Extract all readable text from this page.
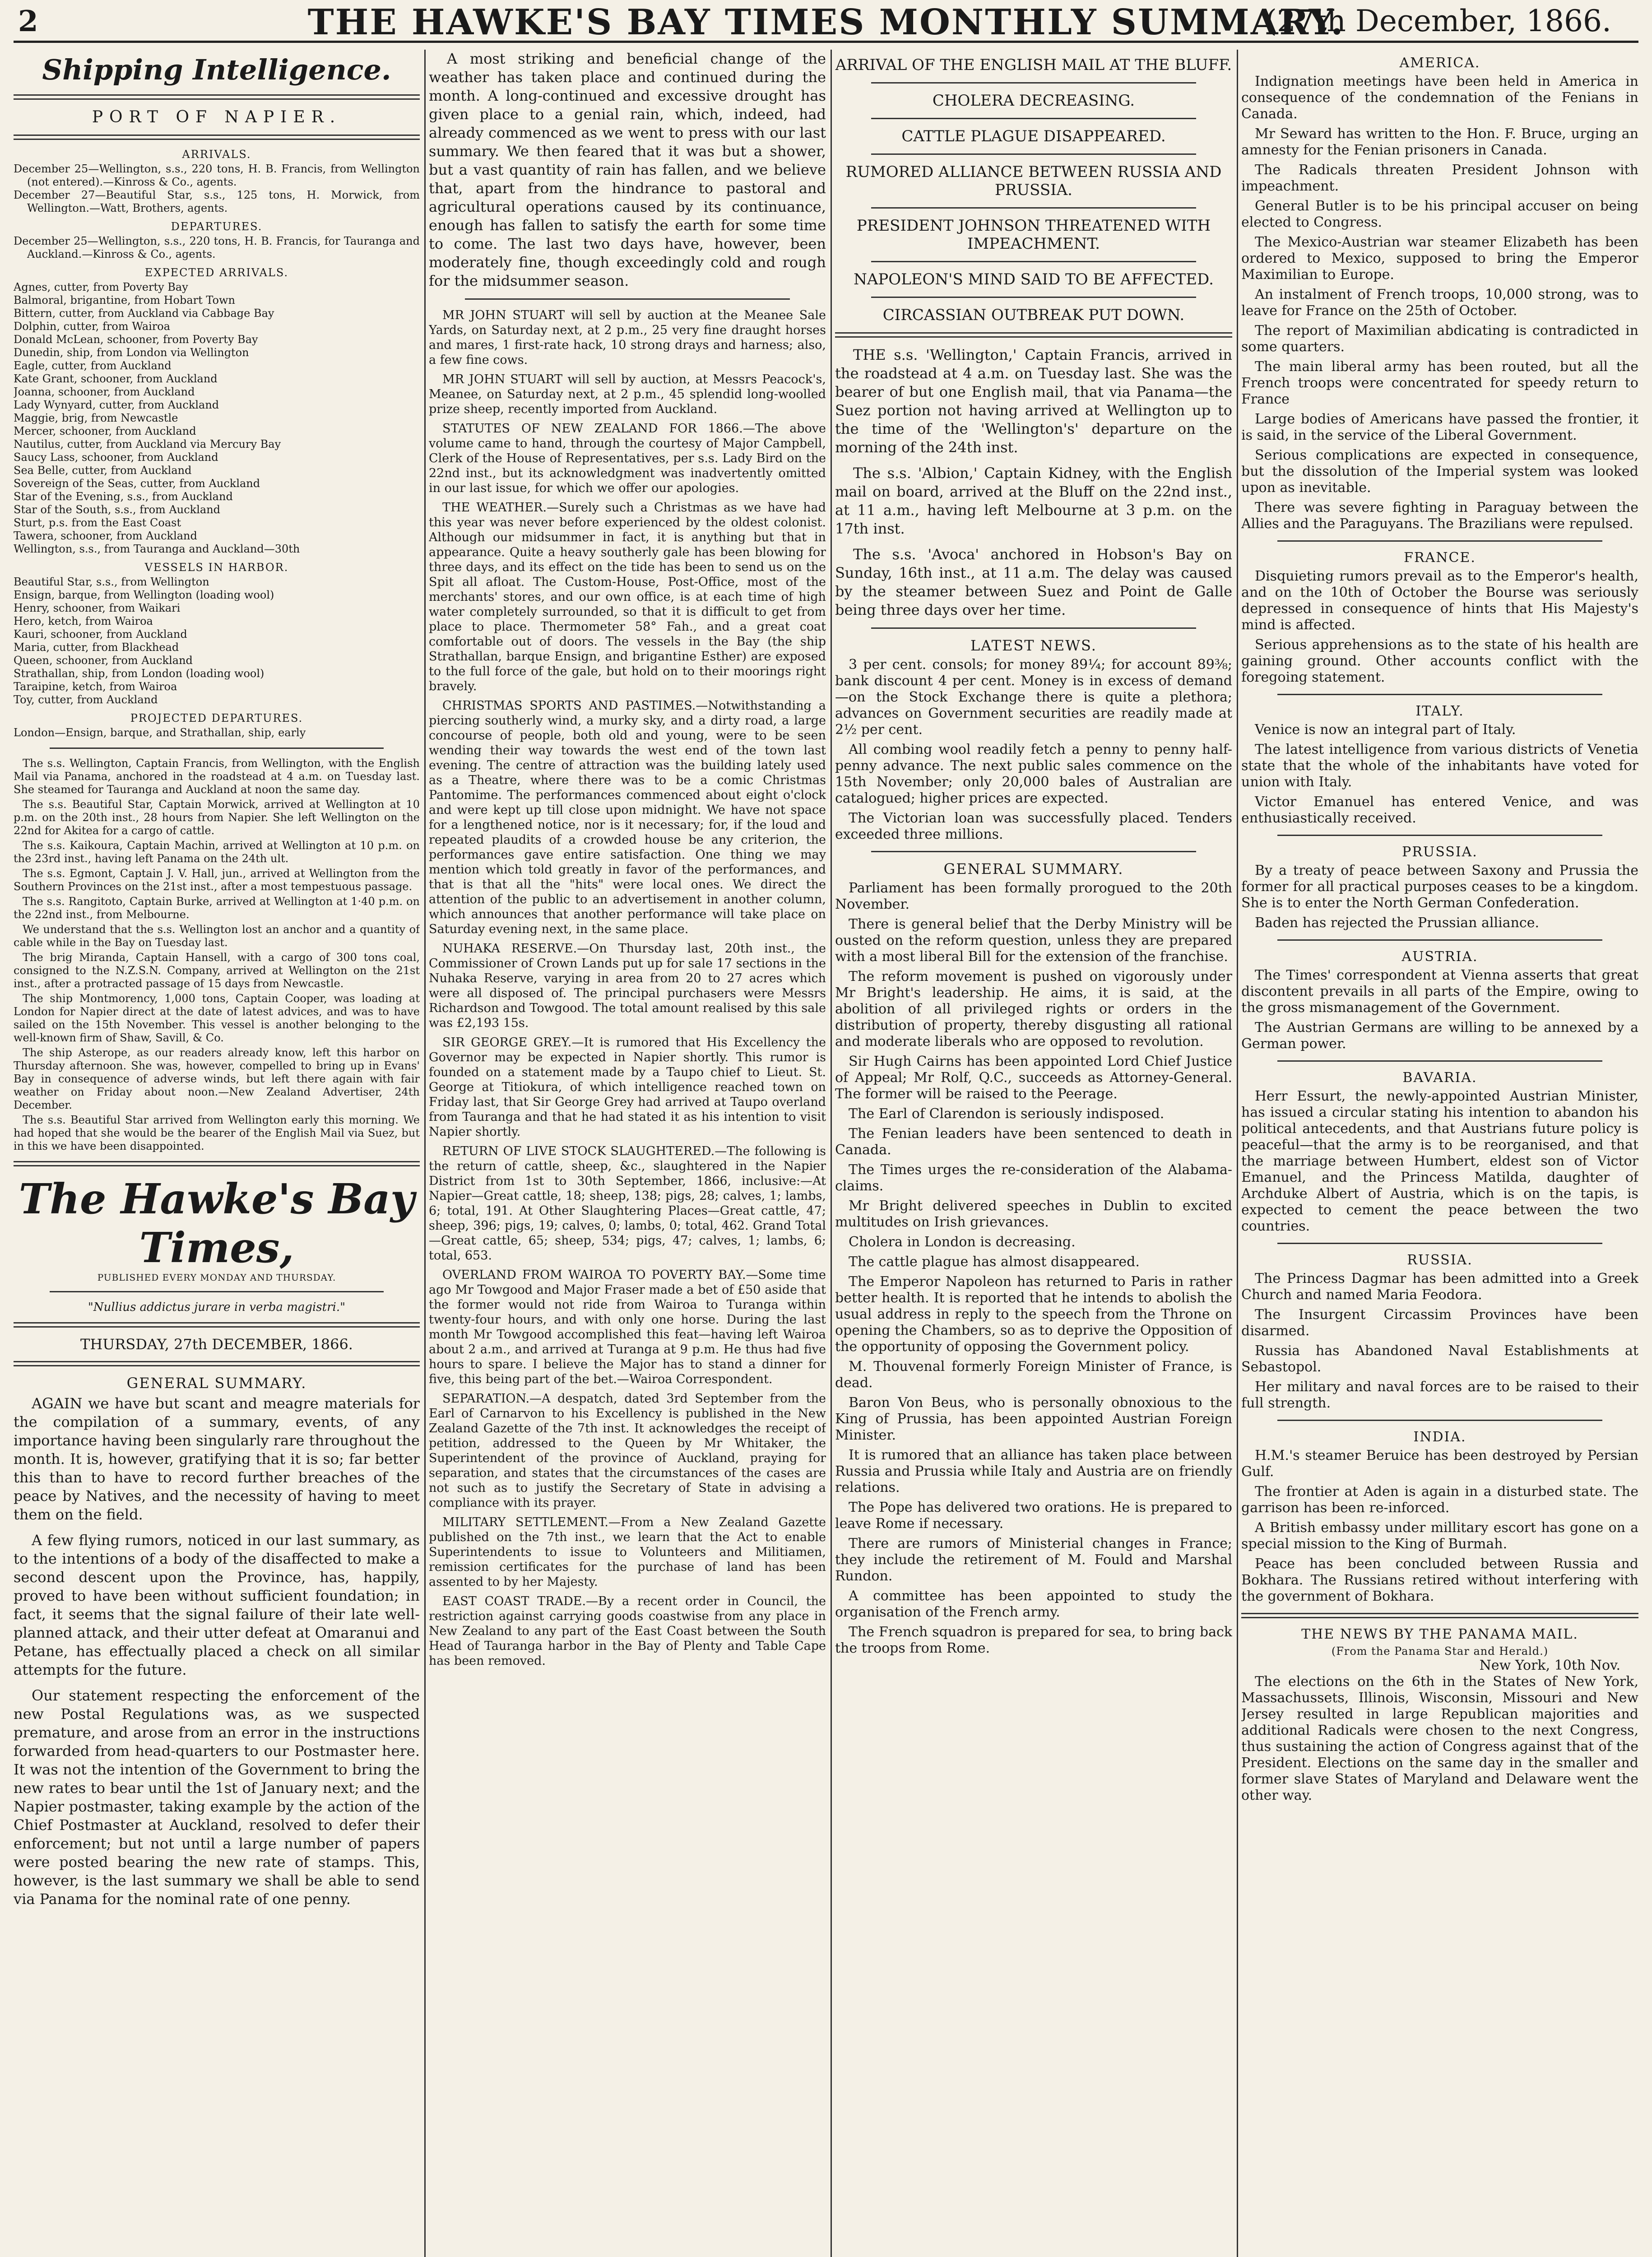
2	THE HAWKE'S BAY TIMES MONTHLY SUMMARY.
(27th December, 1866.
Shipping Intelligence.
PORT OF NAPIER.
ARRIVALS.

December 25—Wellington, s.s., 220 tons, H. B. Francis, from Wellington (not entered).—Kinross & Co., agents.

December 27—Beautiful Star, s.s., 125 tons, H. Morwick, from Wellington.—Watt, Brothers, agents.

DEPARTURES.

December 25—Wellington, s.s., 220 tons, H. B. Francis, for Tauranga and Auckland.—Kinross & Co., agents.

EXPECTED ARRIVALS.

Agnes, cutter, from Poverty Bay

Balmoral, brigantine, from Hobart Town

Bittern, cutter, from Auckland via Cabbage Bay

Dolphin, cutter, from Wairoa

Donald McLean, schooner, from Poverty Bay

Dunedin, ship, from London via Wellington

Eagle, cutter, from Auckland

Kate Grant, schooner, from Auckland

Joanna, schooner, from Auckland

Lady Wynyard, cutter, from Auckland

Maggie, brig, from Newcastle

Mercer, schooner, from Auckland

Nautilus, cutter, from Auckland via Mercury Bay

Saucy Lass, schooner, from Auckland

Sea Belle, cutter, from Auckland

Sovereign of the Seas, cutter, from Auckland

Star of the Evening, s.s., from Auckland

Star of the South, s.s., from Auckland

Sturt, p.s. from the East Coast

Tawera, schooner, from Auckland

Wellington, s.s., from Tauranga and Auckland—30th

VESSELS IN HARBOR.

Beautiful Star, s.s., from Wellington

Ensign, barque, from Wellington (loading wool)

Henry, schooner, from Waikari

Hero, ketch, from Wairoa

Kauri, schooner, from Auckland

Maria, cutter, from Blackhead

Queen, schooner, from Auckland

Strathallan, ship, from London (loading wool)

Taraipine, ketch, from Wairoa

Toy, cutter, from Auckland

PROJECTED DEPARTURES.

London—Ensign, barque, and Strathallan, ship, early

The s.s. Wellington, Captain Francis, from Wellington, with the English Mail via Panama, anchored in the roadstead at 4 a.m. on Tuesday last. She steamed for Tauranga and Auckland at noon the same day.

The s.s. Beautiful Star, Captain Morwick, arrived at Wellington at 10 p.m. on the 20th inst., 28 hours from Napier. She left Wellington on the 22nd for Akitea for a cargo of cattle.

The s.s. Kaikoura, Captain Machin, arrived at Wellington at 10 p.m. on the 23rd inst., having left Panama on the 24th ult.

The s.s. Egmont, Captain J. V. Hall, jun., arrived at Wellington from the Southern Provinces on the 21st inst., after a most tempestuous passage.

The s.s. Rangitoto, Captain Burke, arrived at Wellington at 1·40 p.m. on the 22nd inst., from Melbourne.

We understand that the s.s. Wellington lost an anchor and a quantity of cable while in the Bay on Tuesday last.

The brig Miranda, Captain Hansell, with a cargo of 300 tons coal, consigned to the N.Z.S.N. Company, arrived at Wellington on the 21st inst., after a protracted passage of 15 days from Newcastle.

The ship Montmorency, 1,000 tons, Captain Cooper, was loading at London for Napier direct at the date of latest advices, and was to have sailed on the 15th November. This vessel is another belonging to the well-known firm of Shaw, Savill, & Co.

The ship Asterope, as our readers already know, left this harbor on Thursday afternoon. She was, however, compelled to bring up in Evans' Bay in consequence of adverse winds, but left there again with fair weather on Friday about noon.—New Zealand Advertiser, 24th December.

The s.s. Beautiful Star arrived from Wellington early this morning. We had hoped that she would be the bearer of the English Mail via Suez, but in this we have been disappointed.

The Hawke's Bay Times,
PUBLISHED EVERY MONDAY AND THURSDAY.
"Nullius addictus jurare in verba magistri."
THURSDAY, 27th DECEMBER, 1866.
GENERAL SUMMARY.

AGAIN we have but scant and meagre materials for the compilation of a summary, events, of any importance having been singularly rare throughout the month. It is, however, gratifying that it is so; far better this than to have to record further breaches of the peace by Natives, and the necessity of having to meet them on the field.

A few flying rumors, noticed in our last summary, as to the intentions of a body of the disaffected to make a second descent upon the Province, has, happily, proved to have been without sufficient foundation; in fact, it seems that the signal failure of their late well-planned attack, and their utter defeat at Omaranui and Petane, has effectually placed a check on all similar attempts for the future.

Our statement respecting the enforcement of the new Postal Regulations was, as we suspected premature, and arose from an error in the instructions forwarded from head-quarters to our Postmaster here. It was not the intention of the Government to bring the new rates to bear until the 1st of January next; and the Napier postmaster, taking example by the action of the Chief Postmaster at Auckland, resolved to defer their enforcement; but not until a large number of papers were posted bearing the new rate of stamps. This, however, is the last summary we shall be able to send via Panama for the nominal rate of one penny.

A most striking and beneficial change of the weather has taken place and continued during the month. A long-continued and excessive drought has given place to a genial rain, which, indeed, had already commenced as we went to press with our last summary. We then feared that it was but a shower, but a vast quantity of rain has fallen, and we believe that, apart from the hindrance to pastoral and agricultural operations caused by its continuance, enough has fallen to satisfy the earth for some time to come. The last two days have, however, been moderately fine, though exceedingly cold and rough for the midsummer season.

MR JOHN STUART will sell by auction at the Meanee Sale Yards, on Saturday next, at 2 p.m., 25 very fine draught horses and mares, 1 first-rate hack, 10 strong drays and harness; also, a few fine cows.

MR JOHN STUART will sell by auction, at Messrs Peacock's, Meanee, on Saturday next, at 2 p.m., 45 splendid long-woolled prize sheep, recently imported from Auckland.

STATUTES OF NEW ZEALAND FOR 1866.—The above volume came to hand, through the courtesy of Major Campbell, Clerk of the House of Representatives, per s.s. Lady Bird on the 22nd inst., but its acknowledgment was inadvertently omitted in our last issue, for which we offer our apologies.

THE WEATHER.—Surely such a Christmas as we have had this year was never before experienced by the oldest colonist. Although our midsummer in fact, it is anything but that in appearance. Quite a heavy southerly gale has been blowing for three days, and its effect on the tide has been to send us on the Spit all afloat. The Custom-House, Post-Office, most of the merchants' stores, and our own office, is at each time of high water completely surrounded, so that it is difficult to get from place to place. Thermometer 58° Fah., and a great coat comfortable out of doors. The vessels in the Bay (the ship Strathallan, barque Ensign, and brigantine Esther) are exposed to the full force of the gale, but hold on to their moorings right bravely.

CHRISTMAS SPORTS AND PASTIMES.—Notwithstanding a piercing southerly wind, a murky sky, and a dirty road, a large concourse of people, both old and young, were to be seen wending their way towards the west end of the town last evening. The centre of attraction was the building lately used as a Theatre, where there was to be a comic Christmas Pantomime. The performances commenced about eight o'clock and were kept up till close upon midnight. We have not space for a lengthened notice, nor is it necessary; for, if the loud and repeated plaudits of a crowded house be any criterion, the performances gave entire satisfaction. One thing we may mention which told greatly in favor of the performances, and that is that all the "hits" were local ones. We direct the attention of the public to an advertisement in another column, which announces that another performance will take place on Saturday evening next, in the same place.

NUHAKA RESERVE.—On Thursday last, 20th inst., the Commissioner of Crown Lands put up for sale 17 sections in the Nuhaka Reserve, varying in area from 20 to 27 acres which were all disposed of. The principal purchasers were Messrs Richardson and Towgood. The total amount realised by this sale was £2,193 15s.

SIR GEORGE GREY.—It is rumored that His Excellency the Governor may be expected in Napier shortly. This rumor is founded on a statement made by a Taupo chief to Lieut. St. George at Titiokura, of which intelligence reached town on Friday last, that Sir George Grey had arrived at Taupo overland from Tauranga and that he had stated it as his intention to visit Napier shortly.

RETURN OF LIVE STOCK SLAUGHTERED.—The following is the return of cattle, sheep, &c., slaughtered in the Napier District from 1st to 30th September, 1866, inclusive:—At Napier—Great cattle, 18; sheep, 138; pigs, 28; calves, 1; lambs, 6; total, 191. At Other Slaughtering Places—Great cattle, 47; sheep, 396; pigs, 19; calves, 0; lambs, 0; total, 462. Grand Total—Great cattle, 65; sheep, 534; pigs, 47; calves, 1; lambs, 6; total, 653.

OVERLAND FROM WAIROA TO POVERTY BAY.—Some time ago Mr Towgood and Major Fraser made a bet of £50 aside that the former would not ride from Wairoa to Turanga within twenty-four hours, and with only one horse. During the last month Mr Towgood accomplished this feat—having left Wairoa about 2 a.m., and arrived at Turanga at 9 p.m. He thus had five hours to spare. I believe the Major has to stand a dinner for five, this being part of the bet.—Wairoa Correspondent.

SEPARATION.—A despatch, dated 3rd September from the Earl of Carnarvon to his Excellency is published in the New Zealand Gazette of the 7th inst. It acknowledges the receipt of petition, addressed to the Queen by Mr Whitaker, the Superintendent of the province of Auckland, praying for separation, and states that the circumstances of the cases are not such as to justify the Secretary of State in advising a compliance with its prayer.

MILITARY SETTLEMENT.—From a New Zealand Gazette published on the 7th inst., we learn that the Act to enable Superintendents to issue to Volunteers and Militiamen, remission certificates for the purchase of land has been assented to by her Majesty.

EAST COAST TRADE.—By a recent order in Council, the restriction against carrying goods coastwise from any place in New Zealand to any part of the East Coast between the South Head of Tauranga harbor in the Bay of Plenty and Table Cape has been removed.

ARRIVAL OF THE ENGLISH MAIL AT THE BLUFF.
CHOLERA DECREASING.
CATTLE PLAGUE DISAPPEARED.
RUMORED ALLIANCE BETWEEN RUSSIA AND PRUSSIA.
PRESIDENT JOHNSON THREATENED WITH IMPEACHMENT.
NAPOLEON'S MIND SAID TO BE AFFECTED.
CIRCASSIAN OUTBREAK PUT DOWN.

THE s.s. 'Wellington,' Captain Francis, arrived in the roadstead at 4 a.m. on Tuesday last. She was the bearer of but one English mail, that via Panama—the Suez portion not having arrived at Wellington up to the time of the 'Wellington's' departure on the morning of the 24th inst.

The s.s. 'Albion,' Captain Kidney, with the English mail on board, arrived at the Bluff on the 22nd inst., at 11 a.m., having left Melbourne at 3 p.m. on the 17th inst.

The s.s. 'Avoca' anchored in Hobson's Bay on Sunday, 16th inst., at 11 a.m. The delay was caused by the steamer between Suez and Point de Galle being three days over her time.

LATEST NEWS.

3 per cent. consols; for money 89¼; for account 89⅜; bank discount 4 per cent. Money is in excess of demand—on the Stock Exchange there is quite a plethora; advances on Government securities are readily made at 2½ per cent.

All combing wool readily fetch a penny to penny half-penny advance. The next public sales commence on the 15th November; only 20,000 bales of Australian are catalogued; higher prices are expected.

The Victorian loan was successfully placed. Tenders exceeded three millions.

GENERAL SUMMARY.

Parliament has been formally prorogued to the 20th November.

There is general belief that the Derby Ministry will be ousted on the reform question, unless they are prepared with a most liberal Bill for the extension of the franchise.

The reform movement is pushed on vigorously under Mr Bright's leadership. He aims, it is said, at the abolition of all privileged rights or orders in the distribution of property, thereby disgusting all rational and moderate liberals who are opposed to revolution.

Sir Hugh Cairns has been appointed Lord Chief Justice of Appeal; Mr Rolf, Q.C., succeeds as Attorney-General. The former will be raised to the Peerage.

The Earl of Clarendon is seriously indisposed.

The Fenian leaders have been sentenced to death in Canada.

The Times urges the re-consideration of the Alabama-claims.

Mr Bright delivered speeches in Dublin to excited multitudes on Irish grievances.

Cholera in London is decreasing.

The cattle plague has almost disappeared.

The Emperor Napoleon has returned to Paris in rather better health. It is reported that he intends to abolish the usual address in reply to the speech from the Throne on opening the Chambers, so as to deprive the Opposition of the opportunity of opposing the Government policy.

M. Thouvenal formerly Foreign Minister of France, is dead.

Baron Von Beus, who is personally obnoxious to the King of Prussia, has been appointed Austrian Foreign Minister.

It is rumored that an alliance has taken place between Russia and Prussia while Italy and Austria are on friendly relations.

The Pope has delivered two orations. He is prepared to leave Rome if necessary.

There are rumors of Ministerial changes in France; they include the retirement of M. Fould and Marshal Rundon.

A committee has been appointed to study the organisation of the French army.

The French squadron is prepared for sea, to bring back the troops from Rome.

AMERICA.

Indignation meetings have been held in America in consequence of the condemnation of the Fenians in Canada.

Mr Seward has written to the Hon. F. Bruce, urging an amnesty for the Fenian prisoners in Canada.

The Radicals threaten President Johnson with impeachment.

General Butler is to be his principal accuser on being elected to Congress.

The Mexico-Austrian war steamer Elizabeth has been ordered to Mexico, supposed to bring the Emperor Maximilian to Europe.

An instalment of French troops, 10,000 strong, was to leave for France on the 25th of October.

The report of Maximilian abdicating is contradicted in some quarters.

The main liberal army has been routed, but all the French troops were concentrated for speedy return to France

Large bodies of Americans have passed the frontier, it is said, in the service of the Liberal Government.

Serious complications are expected in consequence, but the dissolution of the Imperial system was looked upon as inevitable.

There was severe fighting in Paraguay between the Allies and the Paraguyans. The Brazilians were repulsed.

FRANCE.

Disquieting rumors prevail as to the Emperor's health, and on the 10th of October the Bourse was seriously depressed in consequence of hints that His Majesty's mind is affected.

Serious apprehensions as to the state of his health are gaining ground. Other accounts conflict with the foregoing statement.

ITALY.

Venice is now an integral part of Italy.

The latest intelligence from various districts of Venetia state that the whole of the inhabitants have voted for union with Italy.

Victor Emanuel has entered Venice, and was enthusiastically received.

PRUSSIA.

By a treaty of peace between Saxony and Prussia the former for all practical purposes ceases to be a kingdom. She is to enter the North German Confederation.

Baden has rejected the Prussian alliance.

AUSTRIA.

The Times' correspondent at Vienna asserts that great discontent prevails in all parts of the Empire, owing to the gross mismanagement of the Government.

The Austrian Germans are willing to be annexed by a German power.

BAVARIA.

Herr Essurt, the newly-appointed Austrian Minister, has issued a circular stating his intention to abandon his political antecedents, and that Austrians future policy is peaceful—that the army is to be reorganised, and that the marriage between Humbert, eldest son of Victor Emanuel, and the Princess Matilda, daughter of Archduke Albert of Austria, which is on the tapis, is expected to cement the peace between the two countries.

RUSSIA.

The Princess Dagmar has been admitted into a Greek Church and named Maria Feodora.

The Insurgent Circassim Provinces have been disarmed.

Russia has Abandoned Naval Establishments at Sebastopol.

Her military and naval forces are to be raised to their full strength.

INDIA.

H.M.'s steamer Beruice has been destroyed by Persian Gulf.

The frontier at Aden is again in a disturbed state. The garrison has been re-inforced.

A British embassy under millitary escort has gone on a special mission to the King of Burmah.

Peace has been concluded between Russia and Bokhara. The Russians retired without interfering with the government of Bokhara.

THE NEWS BY THE PANAMA MAIL.
(From the Panama Star and Herald.)
New York, 10th Nov.

The elections on the 6th in the States of New York, Massachussets, Illinois, Wisconsin, Missouri and New Jersey resulted in large Republican majorities and additional Radicals were chosen to the next Congress, thus sustaining the action of Congress against that of the President. Elections on the same day in the smaller and former slave States of Maryland and Delaware went the other way.
